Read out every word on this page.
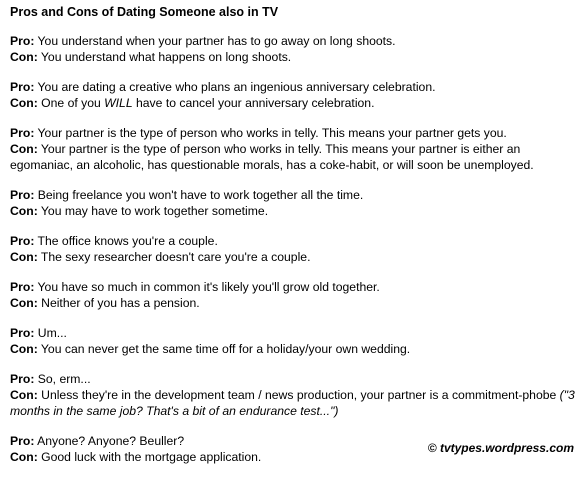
Pros and Cons of Dating Someone also in TV
Pro: You understand when your partner has to go away on long shoots.
Con: You understand what happens on long shoots.
Pro: You are dating a creative who plans an ingenious anniversary celebration.
Con: One of you WILL have to cancel your anniversary celebration.
Pro: Your partner is the type of person who works in telly. This means your partner gets you.
Con: Your partner is the type of person who works in telly. This means your partner is either an egomaniac, an alcoholic, has questionable morals, has a coke-habit, or will soon be unemployed.
Pro: Being freelance you won't have to work together all the time.
Con: You may have to work together sometime.
Pro: The office knows you're a couple.
Con: The sexy researcher doesn't care you're a couple.
Pro: You have so much in common it's likely you'll grow old together.
Con: Neither of you has a pension.
Pro: Um...
Con: You can never get the same time off for a holiday/your own wedding.
Pro: So, erm...
Con: Unless they're in the development team / news production, your partner is a commitment-phobe ("3 months in the same job? That's a bit of an endurance test...")
Pro: Anyone? Anyone? Beuller?
Con: Good luck with the mortgage application.
© tvtypes.wordpress.com
